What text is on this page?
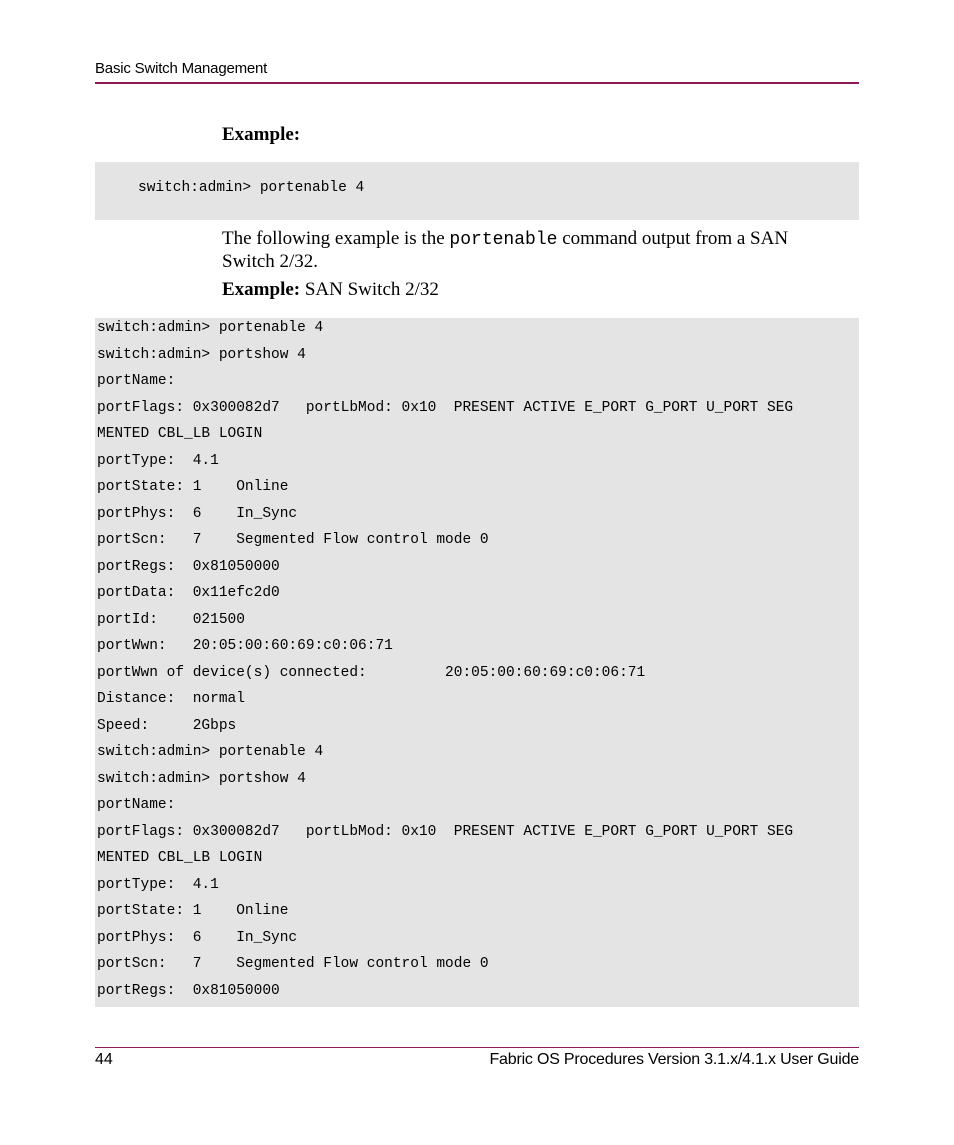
Basic Switch Management
Example:
switch:admin> portenable 4
The following example is the portenable command output from a SAN
Switch 2/32.
Example: SAN Switch 2/32
switch:admin> portenable 4
switch:admin> portshow 4
portName:
portFlags: 0x300082d7   portLbMod: 0x10  PRESENT ACTIVE E_PORT G_PORT U_PORT SEG
MENTED CBL_LB LOGIN
portType:  4.1
portState: 1    Online
portPhys:  6    In_Sync
portScn:   7    Segmented Flow control mode 0
portRegs:  0x81050000
portData:  0x11efc2d0
portId:    021500
portWwn:   20:05:00:60:69:c0:06:71
portWwn of device(s) connected:         20:05:00:60:69:c0:06:71
Distance:  normal
Speed:     2Gbps
switch:admin> portenable 4
switch:admin> portshow 4
portName:
portFlags: 0x300082d7   portLbMod: 0x10  PRESENT ACTIVE E_PORT G_PORT U_PORT SEG
MENTED CBL_LB LOGIN
portType:  4.1
portState: 1    Online
portPhys:  6    In_Sync
portScn:   7    Segmented Flow control mode 0
portRegs:  0x81050000
44	Fabric OS Procedures Version 3.1.x/4.1.x User Guide
